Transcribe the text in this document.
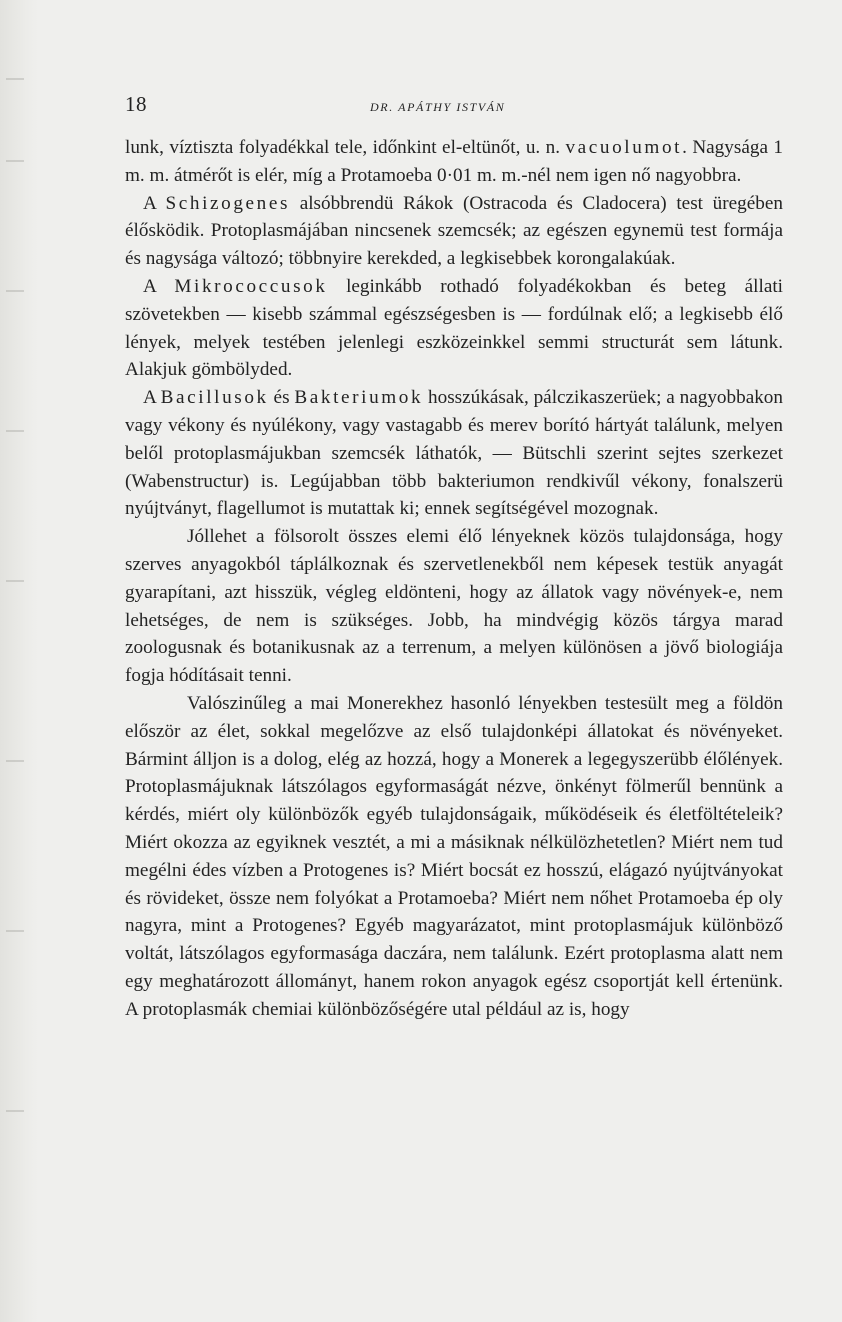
18	DR. APÁTHY ISTVÁN

lunk, víztiszta folyadékkal tele, időnkint el-eltünőt, u. n. vacuolumot. Nagysága 1 m. m. átmérőt is elér, míg a Protamoeba 0·01 m. m.-nél nem igen nő nagyobbra.

A Schizogenes alsóbbrendü Rákok (Ostracoda és Cladocera) test üregében élősködik. Protoplasmájában nincsenek szemcsék; az egészen egynemü test formája és nagysága változó; többnyire kerekded, a legkisebbek korongalakúak.

A Mikrococcusok leginkább rothadó folyadékokban és beteg állati szövetekben — kisebb számmal egészségesben is — fordúlnak elő; a legkisebb élő lények, melyek testében jelenlegi eszközeinkkel semmi structurát sem látunk. Alakjuk gömbölyded.

A Bacillusok és Bakteriumok hosszúkásak, pálczikaszerüek; a nagyobbakon vagy vékony és nyúlékony, vagy vastagabb és merev borító hártyát találunk, melyen belől protoplasmájukban szemcsék láthatók, — Bütschli szerint sejtes szerkezet (Wabenstructur) is. Legújabban több bakteriumon rendkivűl vékony, fonalszerü nyújtványt, flagellumot is mutattak ki; ennek segítségével mozognak.

Jóllehet a fölsorolt összes elemi élő lényeknek közös tulajdonsága, hogy szerves anyagokból táplálkoznak és szervetlenekből nem képesek testük anyagát gyarapítani, azt hisszük, végleg eldönteni, hogy az állatok vagy növények-e, nem lehetséges, de nem is szükséges. Jobb, ha mindvégig közös tárgya marad zoologusnak és botanikusnak az a terrenum, a melyen különösen a jövő biologiája fogja hódításait tenni.

Valószinűleg a mai Monerekhez hasonló lényekben testesült meg a földön először az élet, sokkal megelőzve az első tulajdonképi állatokat és növényeket. Bármint álljon is a dolog, elég az hozzá, hogy a Monerek a legegyszerübb élőlények. Protoplasmájuknak látszólagos egyformaságát nézve, önkényt fölmerűl bennünk a kérdés, miért oly különbözők egyéb tulajdonságaik, működéseik és életföltételeik? Miért okozza az egyiknek vesztét, a mi a másiknak nélkülözhetetlen? Miért nem tud megélni édes vízben a Protogenes is? Miért bocsát ez hosszú, elágazó nyújtványokat és rövideket, össze nem folyókat a Protamoeba? Miért nem nőhet Protamoeba ép oly nagyra, mint a Protogenes? Egyéb magyarázatot, mint protoplasmájuk különböző voltát, látszólagos egyformasága daczára, nem találunk. Ezért protoplasma alatt nem egy meghatározott állományt, hanem rokon anyagok egész csoportját kell értenünk. A protoplasmák chemiai különbözőségére utal például az is, hogy
